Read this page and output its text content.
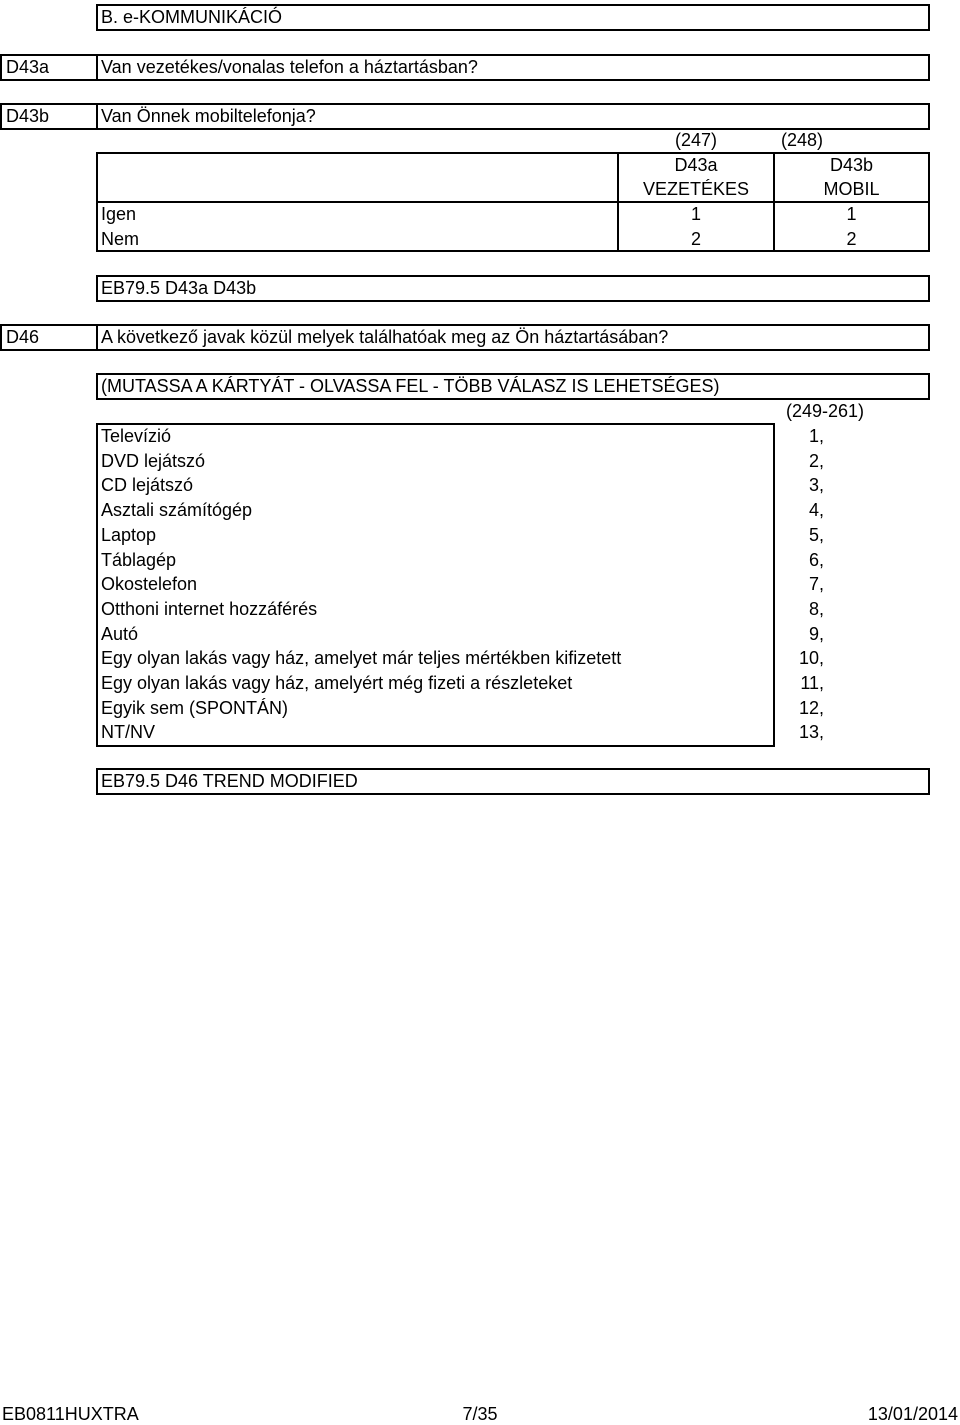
B. e-KOMMUNIKÁCIÓ
D43a	Van vezetékes/vonalas telefon a háztartásban?
D43b	Van Önnek mobiltelefonja?
(247)	(248)
D43a	D43b
VEZETÉKES	MOBIL
Igen	1	1
Nem	2	2
EB79.5 D43a D43b
D46	A következő javak közül melyek találhatóak meg az Ön háztartásában?
(MUTASSA A KÁRTYÁT - OLVASSA FEL - TÖBB VÁLASZ IS LEHETSÉGES)
(249-261)
Televízió	1,
DVD lejátszó	2,
CD lejátszó	3,
Asztali számítógép	4,
Laptop	5,
Táblagép	6,
Okostelefon	7,
Otthoni internet hozzáférés	8,
Autó	9,
Egy olyan lakás vagy ház, amelyet már teljes mértékben kifizetett	10,
Egy olyan lakás vagy ház, amelyért még fizeti a részleteket	11,
Egyik sem (SPONTÁN)	12,
NT/NV	13,
EB79.5 D46 TREND MODIFIED
EB0811HUXTRA	7/35	13/01/2014
